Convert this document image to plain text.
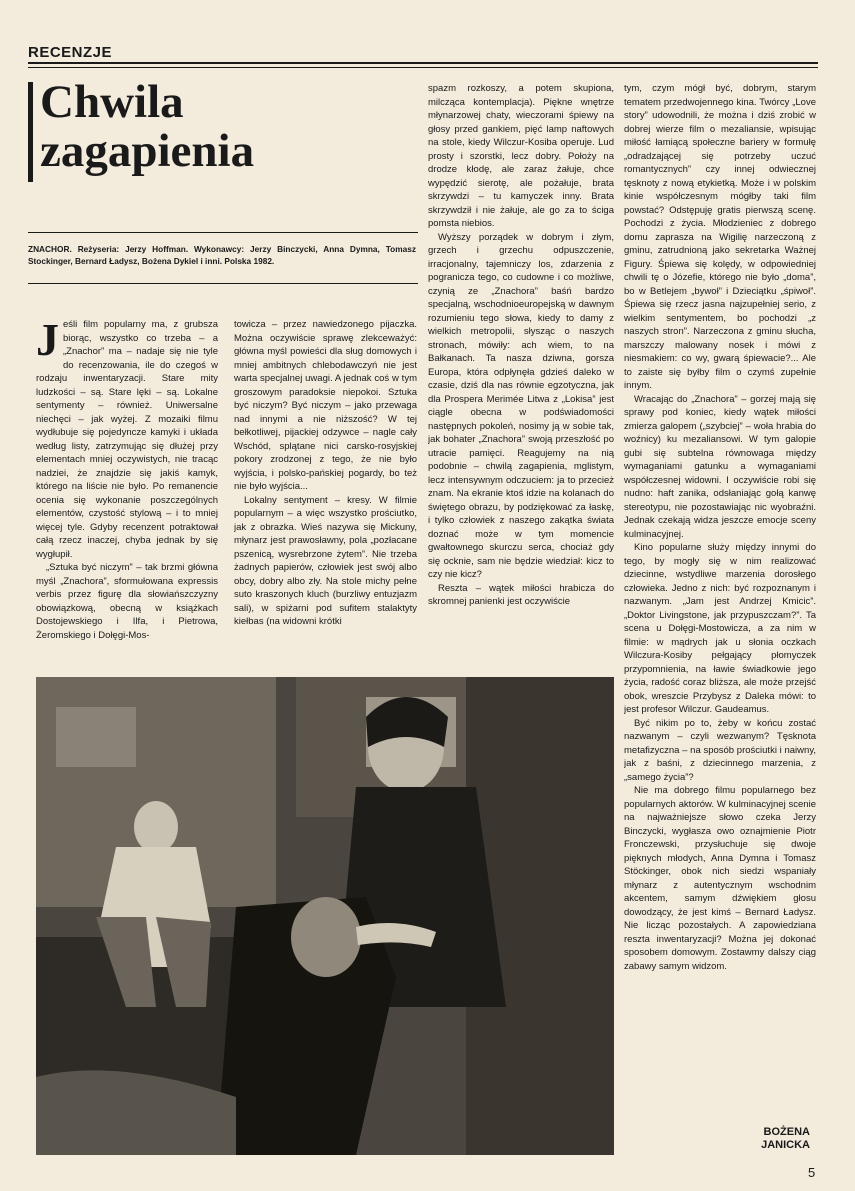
RECENZJE
Chwila
zagapienia
ZNACHOR. Reżyseria: Jerzy Hoffman. Wykonawcy: Jerzy Binczycki, Anna Dymna, Tomasz Stockinger, Bernard Ładysz, Bożena Dykiel i inni. Polska 1982.

Jeśli film popularny ma, z grubsza biorąc, wszystko co trzeba – a „Znachor” ma – nadaje się nie tyle do recenzowania, ile do czegoś w rodzaju inwentaryzacji. Stare mity ludzkości – są. Stare lęki – są. Lokalne sentymenty – również. Uniwersalne niechęci – jak wyżej. Z mozaiki filmu wydłubuje się pojedyncze kamyki i układa według listy, zatrzymując się dłużej przy elementach mniej oczywistych, nie tracąc nadziei, że znajdzie się jakiś kamyk, którego na liście nie było. Po remanencie ocenia się wykonanie poszczególnych elementów, czystość stylową – i to mniej więcej tyle. Gdyby recenzent potraktował całą rzecz inaczej, chyba jednak by się wygłupił.

„Sztuka być niczym” – tak brzmi główna myśl „Znachora”, sformułowana expressis verbis przez figurę dla słowiańszczyzny obowiązkową, obecną w książkach Dostojewskiego i Ilfa, i Pietrowa, Żeromskiego i Dołęgi-Mos-

towicza – przez nawiedzonego pijaczka. Można oczywiście sprawę zlekceważyć: główna myśl powieści dla sług domowych i mniej ambitnych chlebodawczyń nie jest warta specjalnej uwagi. A jednak coś w tym groszowym paradoksie niepokoi. Sztuka być niczym? Być niczym – jako przewaga nad innymi a nie niższość? W tej bełkotliwej, pijackiej odzywce – nagle cały Wschód, splątane nici carsko-rosyjskiej pokory zrodzonej z tego, że nie było wyjścia, i polsko-pańskiej pogardy, bo też nie było wyjścia...

Lokalny sentyment – kresy. W filmie popularnym – a więc wszystko prościutko, jak z obrazka. Wieś nazywa się Mickuny, młynarz jest prawosławny, pola „pozłacane pszenicą, wysrebrzone żytem”. Nie trzeba żadnych papierów, człowiek jest swój albo obcy, dobry albo zły. Na stole michy pełne suto kraszonych kluch (burzliwy entuzjazm sali), w spiżarni pod sufitem stalaktyty kiełbas (na widowni krótki

spazm rozkoszy, a potem skupiona, milcząca kontemplacja). Piękne wnętrze młynarzowej chaty, wieczorami śpiewy na głosy przed gankiem, pięć lamp naftowych na stole, kiedy Wilczur-Kosiba operuje. Lud prosty i szorstki, lecz dobry. Położy na drodze kłodę, ale zaraz żałuje, chce wypędzić sierotę, ale pożałuje, brata skrzywdzi – tu kamyczek inny. Brata skrzywdził i nie żałuje, ale go za to ściga pomsta niebios.

Wyższy porządek w dobrym i złym, grzech i grzechu odpuszczenie, irracjonalny, tajemniczy los, zdarzenia z pogranicza tego, co cudowne i co możliwe, czynią ze „Znachora” baśń bardzo specjalną, wschodnioeuropejską w dawnym rozumieniu tego słowa, kiedy to damy z wielkich metropolii, słysząc o naszych stronach, mówiły: ach wiem, to na Bałkanach. Ta nasza dziwna, gorsza Europa, która odpłynęła gdzieś daleko w czasie, dziś dla nas równie egzotyczna, jak dla Prospera Merimée Litwa z „Lokisa” jest ciągle obecna w podświadomości następnych pokoleń, nosimy ją w sobie tak, jak bohater „Znachora” swoją przeszłość po utracie pamięci. Reagujemy na nią podobnie – chwilą zagapienia, mglistym, lecz intensywnym odczuciem: ja to przecież znam. Na ekranie ktoś idzie na kolanach do świętego obrazu, by podziękować za łaskę, i tylko człowiek z naszego zakątka świata doznać może w tym momencie gwałtownego skurczu serca, chociaż gdy się ocknie, sam nie będzie wiedział: kicz to czy nie kicz?

Reszta – wątek miłości hrabicza do skromnej panienki jest oczywiście

tym, czym mógł być, dobrym, starym tematem przedwojennego kina. Twórcy „Love story” udowodnili, że można i dziś zrobić w dobrej wierze film o mezaliansie, wpisując miłość łamiącą społeczne bariery w formułę „odradzającej się potrzeby uczuć romantycznych” czy innej odwiecznej tęsknoty z nową etykietką. Może i w polskim kinie współczesnym mógłby taki film powstać? Odstępuję gratis pierwszą scenę. Pochodzi z życia. Młodzieniec z dobrego domu zaprasza na Wigilię narzeczoną z gminu, zatrudnioną jako sekretarka Ważnej Figury. Śpiewa się kolędy, w odpowiedniej chwili tę o Józefie, którego nie było „doma”, bo w Betlejem „bywoł” i Dzieciątku „śpiwoł”. Śpiewa się rzecz jasna najzupełniej serio, z wielkim sentymentem, bo pochodzi „z naszych stron”. Narzeczona z gminu słucha, marszczy malowany nosek i mówi z niesmakiem: co wy, gwarą śpiewacie?... Ale to zaiste się byłby film o czymś zupełnie innym.

Wracając do „Znachora” – gorzej mają się sprawy pod koniec, kiedy wątek miłości zmierza galopem („szybciej” – woła hrabia do woźnicy) ku mezaliansowi. W tym galopie gubi się subtelna równowaga między wymaganiami gatunku a wymaganiami współczesnej widowni. I oczywiście robi się nudno: haft zanika, odsłaniając gołą kanwę stereotypu, nie pozostawiając nic wyobraźni. Jednak czekają widza jeszcze emocje sceny kulminacyjnej.

Kino popularne służy między innymi do tego, by mogły się w nim realizować dziecinne, wstydliwe marzenia dorosłego człowieka. Jedno z nich: być rozpoznanym i nazwanym. „Jam jest Andrzej Kmicic”. „Doktor Livingstone, jak przypuszczam?”. Ta scena u Dołęgi-Mostowicza, a za nim w filmie: w mądrych jak u słonia oczkach Wilczura-Kosiby pełgający płomyczek przypomnienia, na ławie świadkowie jego życia, radość coraz bliższa, ale może przejść obok, wreszcie Przybysz z Daleka mówi: to jest profesor Wilczur. Gaudeamus.

Być nikim po to, żeby w końcu zostać nazwanym – czyli wezwanym? Tęsknota metafizyczna – na sposób prościutki i naiwny, jak z baśni, z dziecinnego marzenia, z „samego życia”?

Nie ma dobrego filmu popularnego bez popularnych aktorów. W kulminacyjnej scenie na najważniejsze słowo czeka Jerzy Binczycki, wygłasza owo oznajmienie Piotr Fronczewski, przysłuchuje się dwoje pięknych młodych, Anna Dymna i Tomasz Stöckinger, obok nich siedzi wspaniały młynarz z autentycznym wschodnim akcentem, samym dźwiękiem głosu dowodzący, że jest kimś – Bernard Ładysz. Nie licząc pozostałych. A zapowiedziana reszta inwentaryzacji? Można jej dokonać sposobem domowym. Zostawmy dalszy ciąg zabawy samym widzom.

BOŻENA
JANICKA
5
